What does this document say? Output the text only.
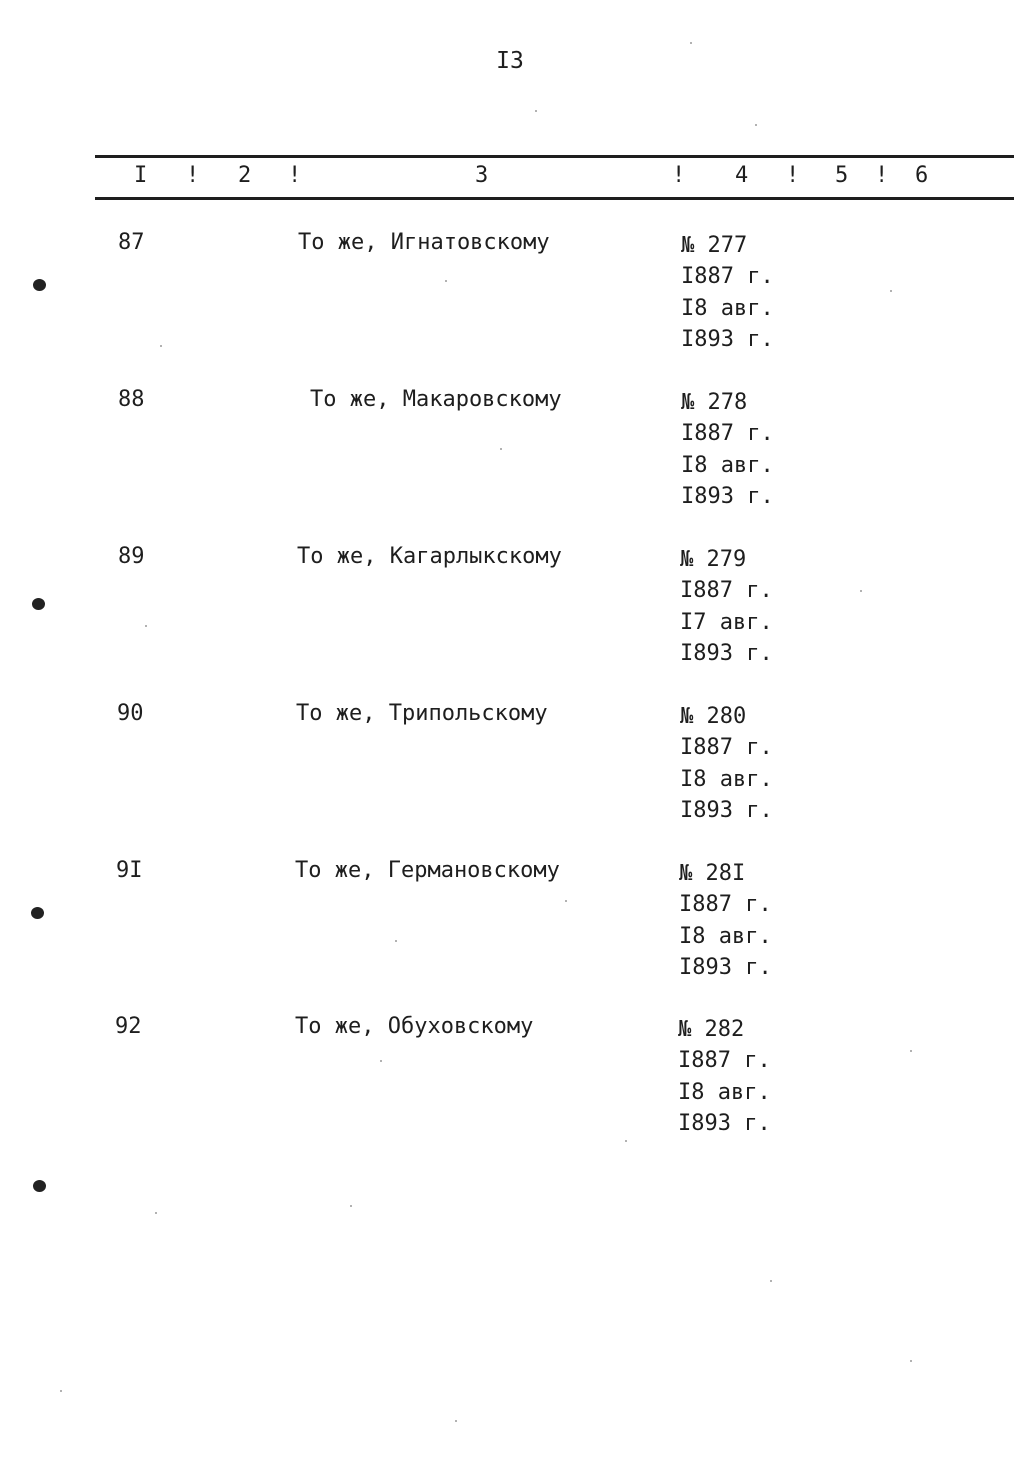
I3
I ! 2 !	3	! 4 ! 5 ! 6
87	То же, Игнатовскому	№ 277
I887 г.
I8 авг.
I893 г.
88	То же, Макаровскому	№ 278
I887 г.
I8 авг.
I893 г.
89	То же, Кагарлыкскому	№ 279
I887 г.
I7 авг.
I893 г.
90	То же, Трипольскому	№ 280
I887 г.
I8 авг.
I893 г.
9I	То же, Германовскому	№ 28I
I887 г.
I8 авг.
I893 г.
92	То же, Обуховскому	№ 282
I887 г.
I8 авг.
I893 г.
